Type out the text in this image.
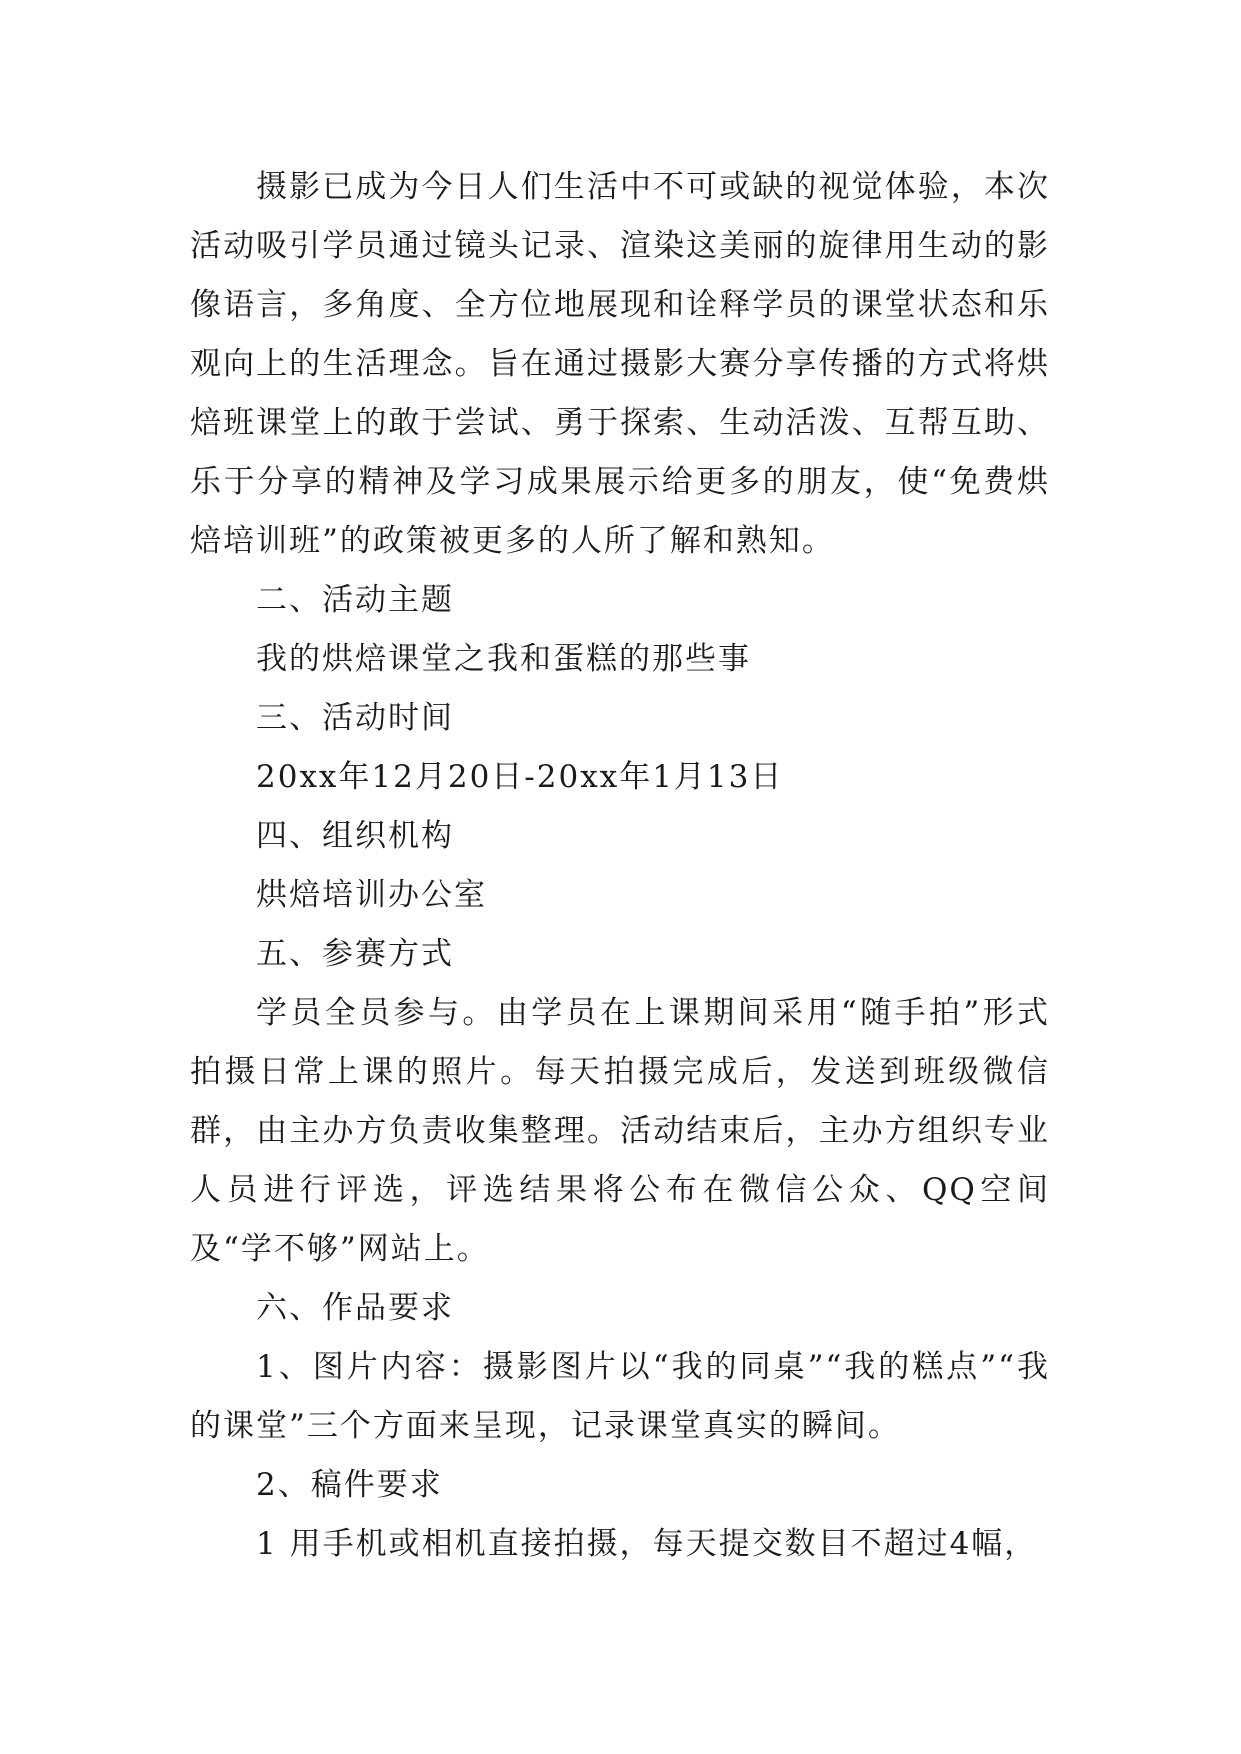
摄影已成为今日人们生活中不可或缺的视觉体验，本次活动吸引学员通过镜头记录、渲染这美丽的旋律用生动的影像语言，多角度、全方位地展现和诠释学员的课堂状态和乐观向上的生活理念。旨在通过摄影大赛分享传播的方式将烘焙班课堂上的敢于尝试、勇于探索、生动活泼、互帮互助、乐于分享的精神及学习成果展示给更多的朋友，使“免费烘焙培训班”的政策被更多的人所了解和熟知。

二、活动主题

我的烘焙课堂之我和蛋糕的那些事

三、活动时间

20xx年12月20日-20xx年1月13日

四、组织机构

烘焙培训办公室

五、参赛方式

学员全员参与。由学员在上课期间采用“随手拍”形式拍摄日常上课的照片。每天拍摄完成后，发送到班级微信群，由主办方负责收集整理。活动结束后，主办方组织专业人员进行评选，评选结果将公布在微信公众、QQ空间及“学不够”网站上。

六、作品要求

1、图片内容：摄影图片以“我的同桌”“我的糕点”“我的课堂”三个方面来呈现，记录课堂真实的瞬间。

2、稿件要求

1 用手机或相机直接拍摄，每天提交数目不超过4幅，
